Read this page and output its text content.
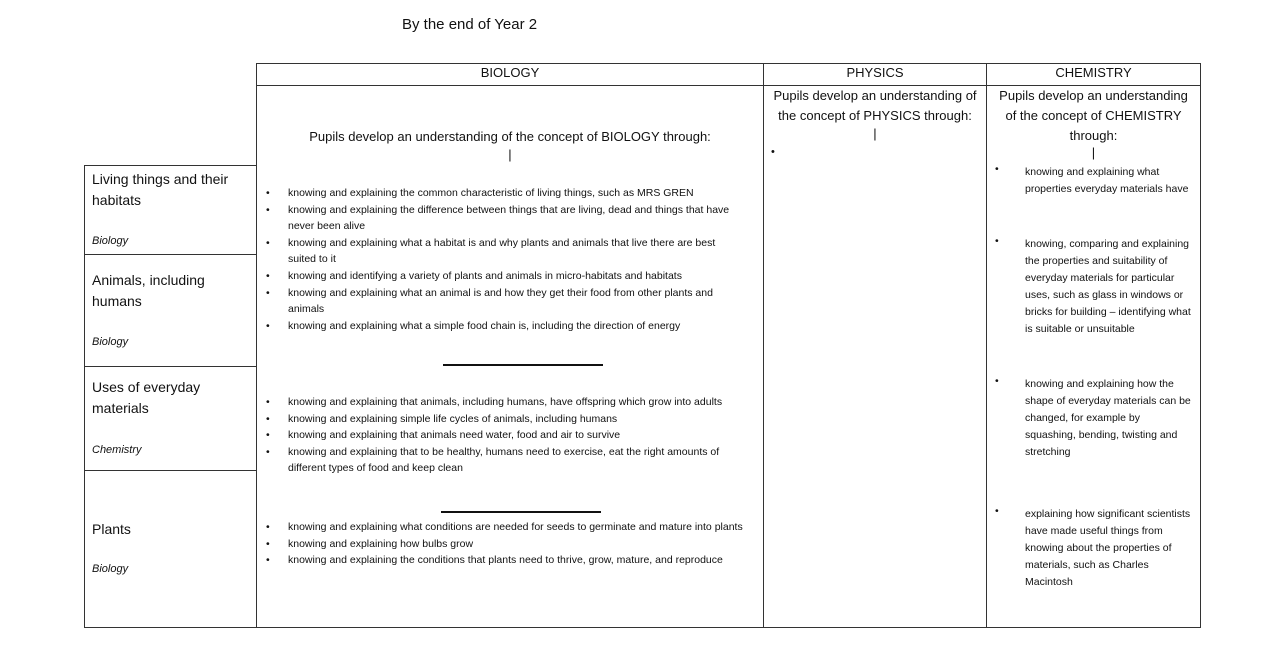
By the end of Year 2
Living things and their habitats
Biology
Animals, including humans
Biology
Uses of everyday materials
Chemistry
Plants
Biology
BIOLOGY	PHYSICS	CHEMISTRY
Pupils develop an understanding of the concept of BIOLOGY through:
|
• knowing and explaining the common characteristic of living things, such as MRS GREN
• knowing and explaining the difference between things that are living, dead and things that have never been alive
• knowing and explaining what a habitat is and why plants and animals that live there are best suited to it
• knowing and identifying a variety of plants and animals in micro-habitats and habitats
• knowing and explaining what an animal is and how they get their food from other plants and animals
• knowing and explaining what a simple food chain is, including the direction of energy
• knowing and explaining that animals, including humans, have offspring which grow into adults
• knowing and explaining simple life cycles of animals, including humans
• knowing and explaining that animals need water, food and air to survive
• knowing and explaining that to be healthy, humans need to exercise, eat the right amounts of different types of food and keep clean
• knowing and explaining what conditions are needed for seeds to germinate and mature into plants
• knowing and explaining how bulbs grow
• knowing and explaining the conditions that plants need to thrive, grow, mature, and reproduce
Pupils develop an understanding of the concept of PHYSICS through:
|
•
Pupils develop an understanding of the concept of CHEMISTRY through:
|
• knowing and explaining what properties everyday materials have
• knowing, comparing and explaining the properties and suitability of everyday materials for particular uses, such as glass in windows or bricks for building – identifying what is suitable or unsuitable
• knowing and explaining how the shape of everyday materials can be changed, for example by squashing, bending, twisting and stretching
• explaining how significant scientists have made useful things from knowing about the properties of materials, such as Charles Macintosh
